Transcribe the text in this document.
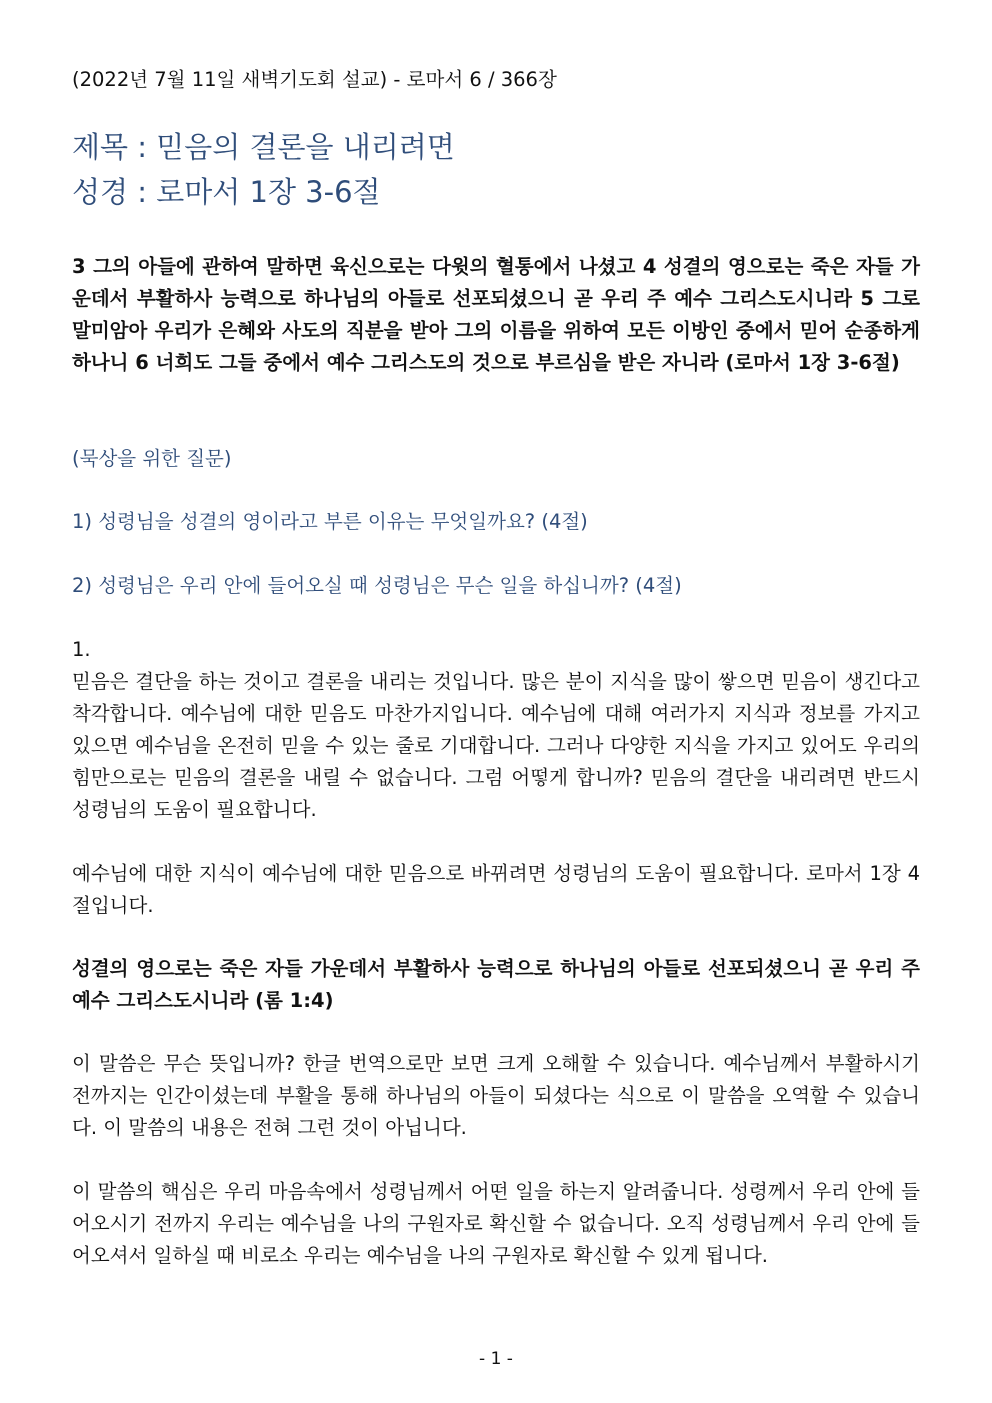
(2022년 7월 11일 새벽기도회 설교) - 로마서 6 / 366장
제목 : 믿음의 결론을 내리려면
성경 : 로마서 1장 3-6절

3 그의 아들에 관하여 말하면 육신으로는 다윗의 혈통에서 나셨고 4 성결의 영으로는 죽은 자들 가운데서 부활하사 능력으로 하나님의 아들로 선포되셨으니 곧 우리 주 예수 그리스도시니라 5 그로 말미암아 우리가 은혜와 사도의 직분을 받아 그의 이름을 위하여 모든 이방인 중에서 믿어 순종하게 하나니 6 너희도 그들 중에서 예수 그리스도의 것으로 부르심을 받은 자니라 (로마서 1장 3-6절)

(묵상을 위한 질문)
1) 성령님을 성결의 영이라고 부른 이유는 무엇일까요? (4절)
2) 성령님은 우리 안에 들어오실 때 성령님은 무슨 일을 하십니까? (4절)
1.

믿음은 결단을 하는 것이고 결론을 내리는 것입니다. 많은 분이 지식을 많이 쌓으면 믿음이 생긴다고 착각합니다. 예수님에 대한 믿음도 마찬가지입니다. 예수님에 대해 여러가지 지식과 정보를 가지고 있으면 예수님을 온전히 믿을 수 있는 줄로 기대합니다. 그러나 다양한 지식을 가지고 있어도 우리의 힘만으로는 믿음의 결론을 내릴 수 없습니다. 그럼 어떻게 합니까? 믿음의 결단을 내리려면 반드시 성령님의 도움이 필요합니다.

예수님에 대한 지식이 예수님에 대한 믿음으로 바뀌려면 성령님의 도움이 필요합니다. 로마서 1장 4절입니다.

성결의 영으로는 죽은 자들 가운데서 부활하사 능력으로 하나님의 아들로 선포되셨으니 곧 우리 주 예수 그리스도시니라 (롬 1:4)

이 말씀은 무슨 뜻입니까? 한글 번역으로만 보면 크게 오해할 수 있습니다. 예수님께서 부활하시기 전까지는 인간이셨는데 부활을 통해 하나님의 아들이 되셨다는 식으로 이 말씀을 오역할 수 있습니다. 이 말씀의 내용은 전혀 그런 것이 아닙니다.

이 말씀의 핵심은 우리 마음속에서 성령님께서 어떤 일을 하는지 알려줍니다. 성령께서 우리 안에 들어오시기 전까지 우리는 예수님을 나의 구원자로 확신할 수 없습니다. 오직 성령님께서 우리 안에 들어오셔서 일하실 때 비로소 우리는 예수님을 나의 구원자로 확신할 수 있게 됩니다.

- 1 -
